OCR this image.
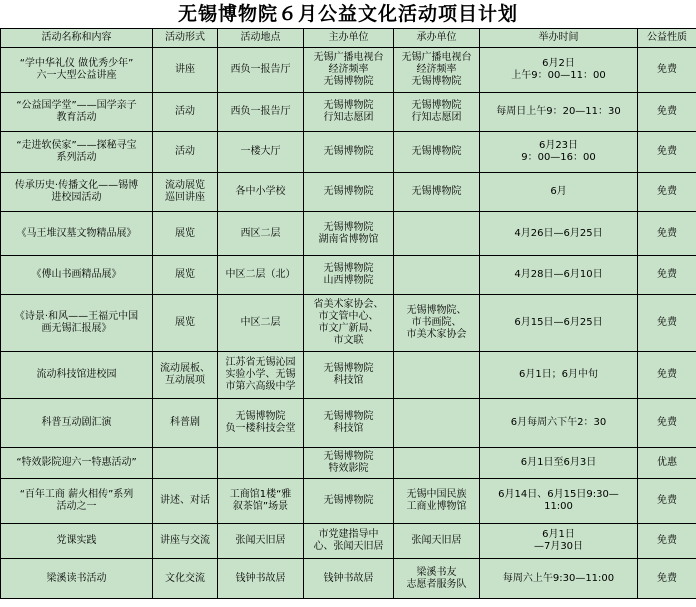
无锡博物院６月公益文化活动项目计划
活动名称和内容	活动形式	活动地点	主办单位	承办单位	举办时间	公益性质

“学中华礼仪 做优秀少年”
六一大型公益讲座	讲座	西负一报告厅	无锡广播电视台
经济频率
无锡博物院	无锡广播电视台
经济频率
无锡博物院	6月2日
上午9：00—11：00	免费

“公益国学堂”——国学亲子
教育活动	活动	西负一报告厅	无锡博物院
行知志愿团	无锡博物院
行知志愿团	每周日上午9：20—11：30	免费

“走进软侯家”——探秘寻宝
系列活动	活动	一楼大厅	无锡博物院	无锡博物院	6月23日
9：00—16：00	免费

传承历史·传播文化——锡博
进校园活动	流动展览
巡回讲座	各中小学校	无锡博物院	无锡博物院	6月	免费

《马王堆汉墓文物精品展》	展览	西区二层	无锡博物院
湖南省博物馆		4月26日—6月25日	免费

《傅山书画精品展》	展览	中区二层（北）	无锡博物院
山西博物院		4月28日—6月10日	免费

《诗景·和风——王福元中国
画无锡汇报展》	展览	中区二层	省美术家协会、
市文管中心、
市文广新局、
市文联	无锡博物院、
市书画院、
市美术家协会	6月15日—6月25日	免费

流动科技馆进校园	流动展板、
互动展项	江苏省无锡沁园
实验小学、无锡
市第六高级中学	无锡博物院
科技馆		6月1日；6月中旬	免费

科普互动剧汇演	科普剧	无锡博物院
负一楼科技会堂	无锡博物院
科技馆		6月每周六下午2：30	免费

“特效影院迎六一特惠活动”			无锡博物院
特效影院		6月1日至6月3日	优惠

“百年工商 薪火相传”系列
活动之一	讲述、对话	工商馆1楼“雅
叙茶馆”场景	无锡博物院	无锡中国民族
工商业博物馆	6月14日、6月15日9:30—
11:00	免费

党课实践	讲座与交流	张闻天旧居	市党建指导中
心、张闻天旧居	张闻天旧居	6月1日
—7月30日	免费

梁溪读书活动	文化交流	钱钟书故居	钱钟书故居	梁溪书友
志愿者服务队	每周六上午9:30—11:00	免费
